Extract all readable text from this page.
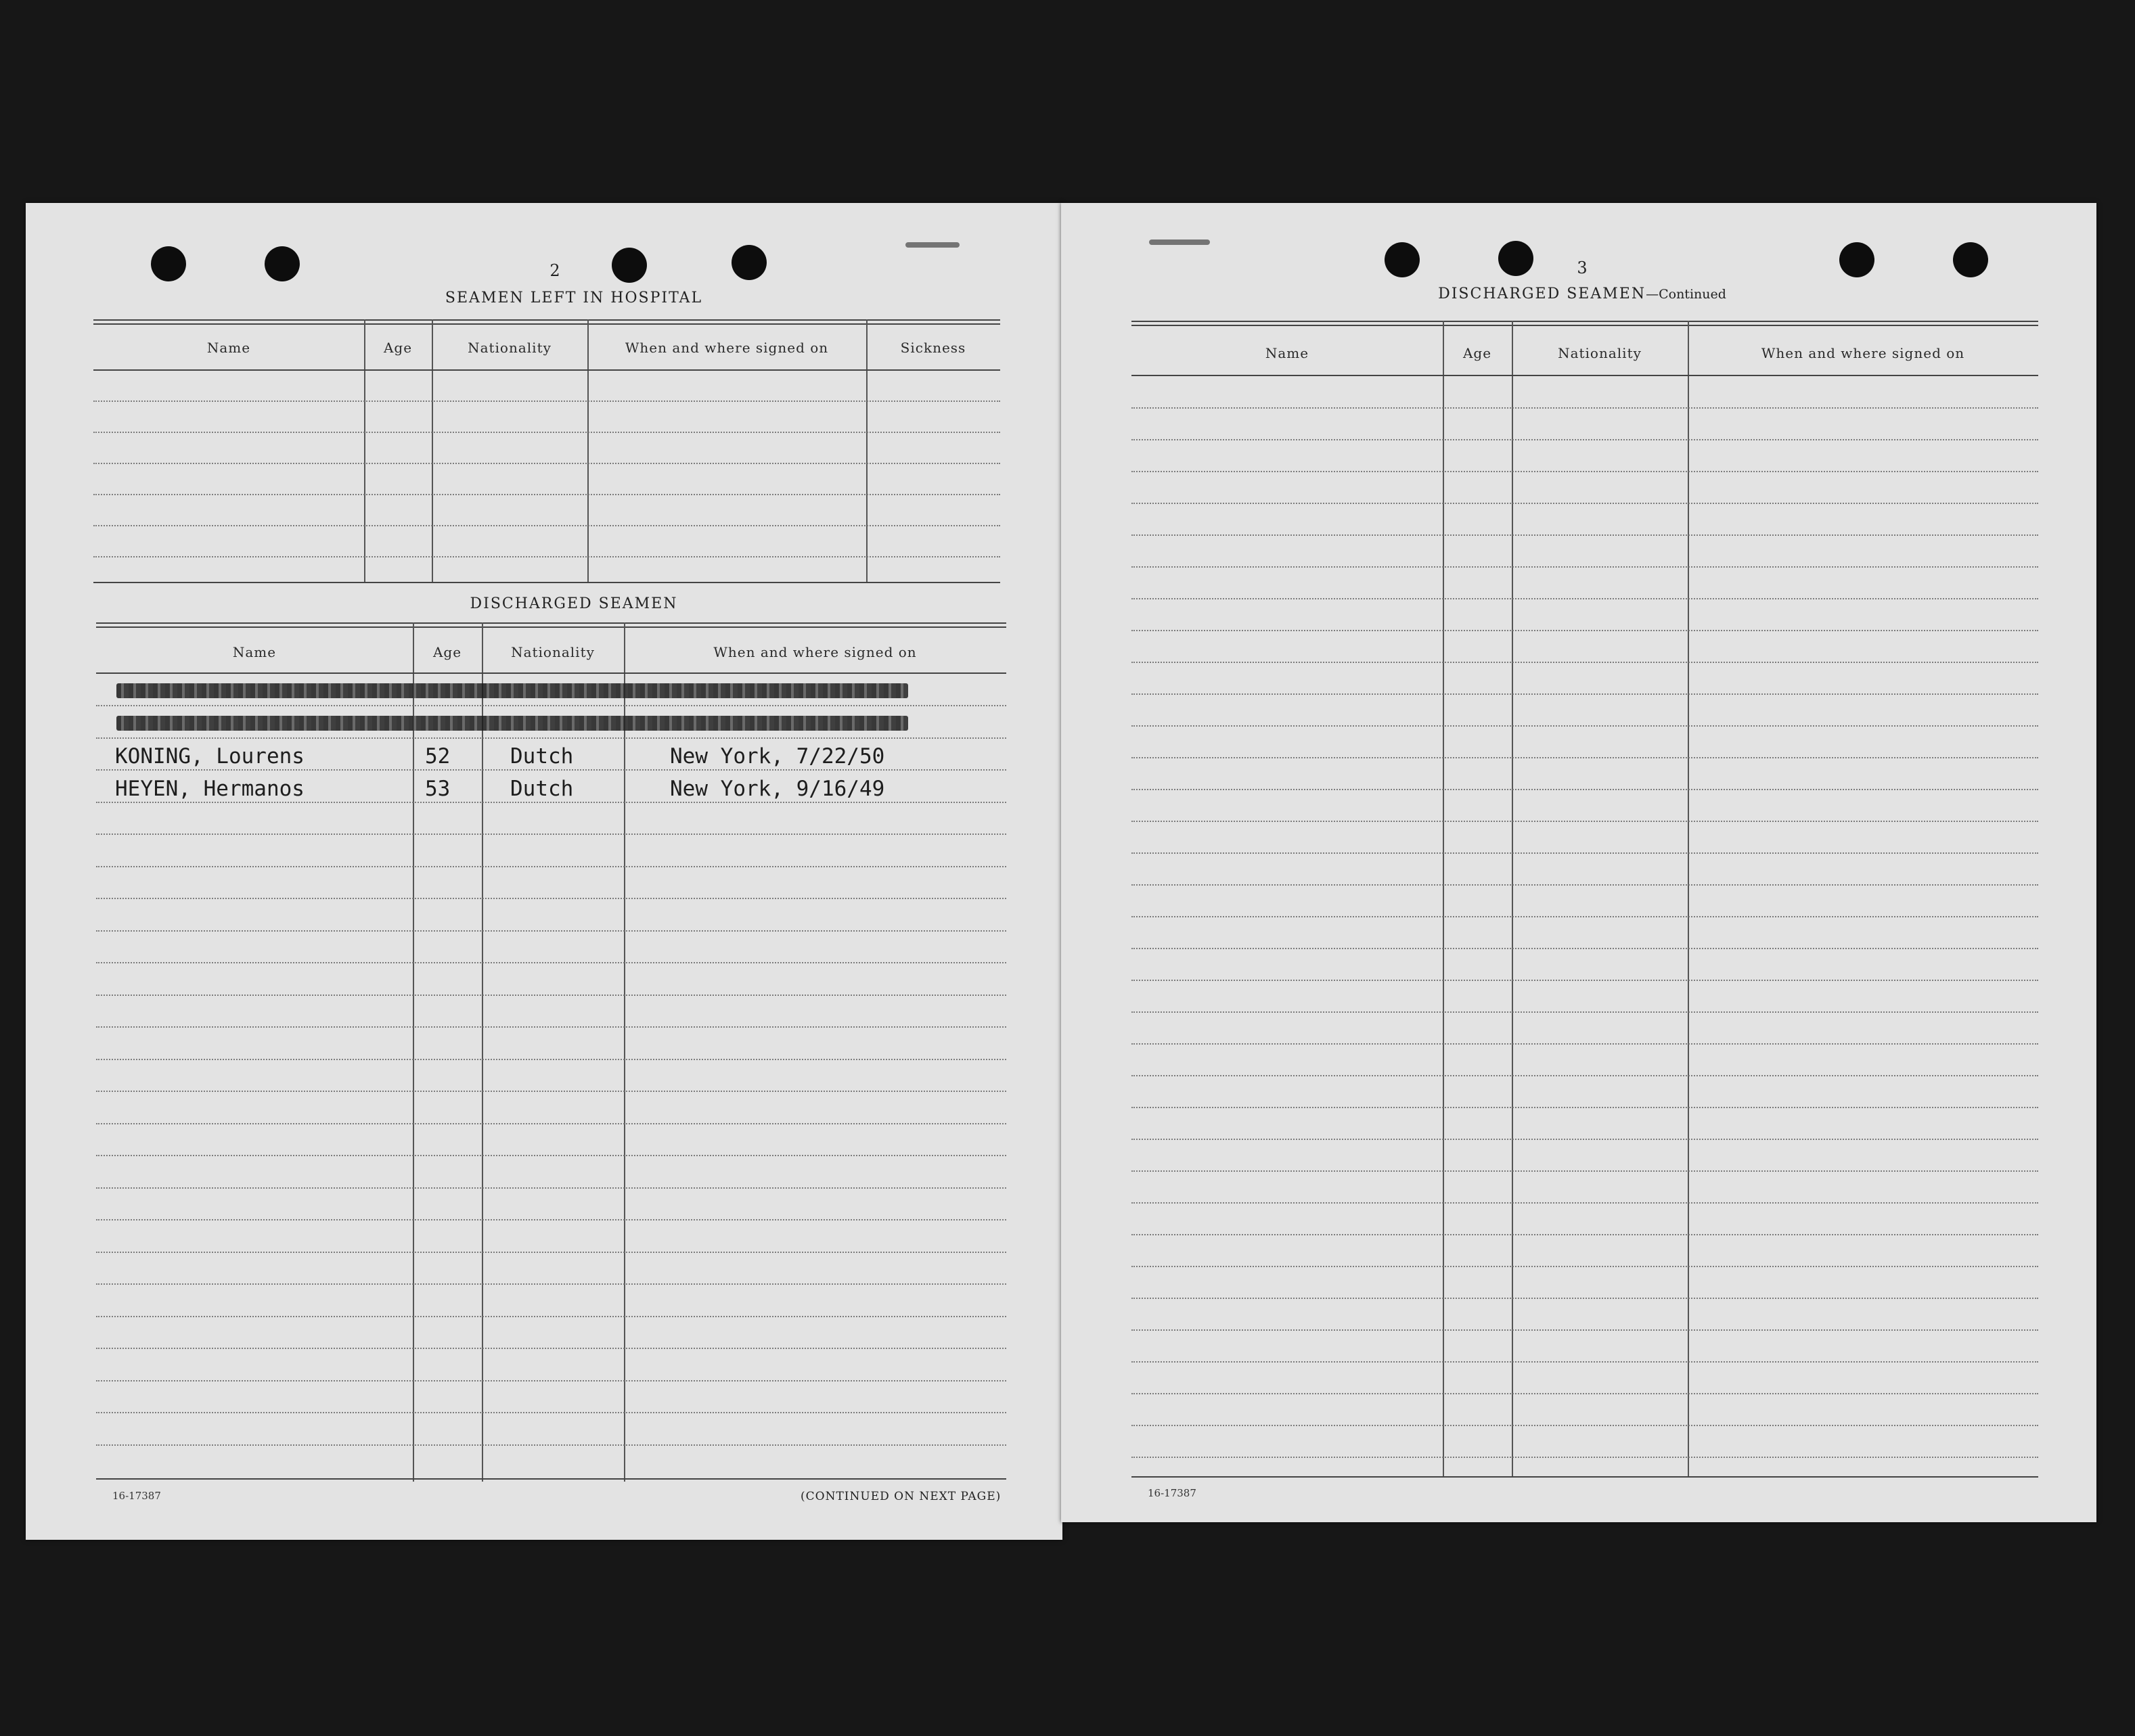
2
SEAMEN LEFT IN HOSPITAL
Name	Age	Nationality	When and where signed on	Sickness
DISCHARGED SEAMEN
Name	Age	Nationality	When and where signed on
KONING, Lourens	52	Dutch	New York, 7/22/50
HEYEN, Hermanos	53	Dutch	New York, 9/16/49
16-17387	(CONTINUED ON NEXT PAGE)
3
DISCHARGED SEAMEN—Continued
Name	Age	Nationality	When and where signed on
16-17387
